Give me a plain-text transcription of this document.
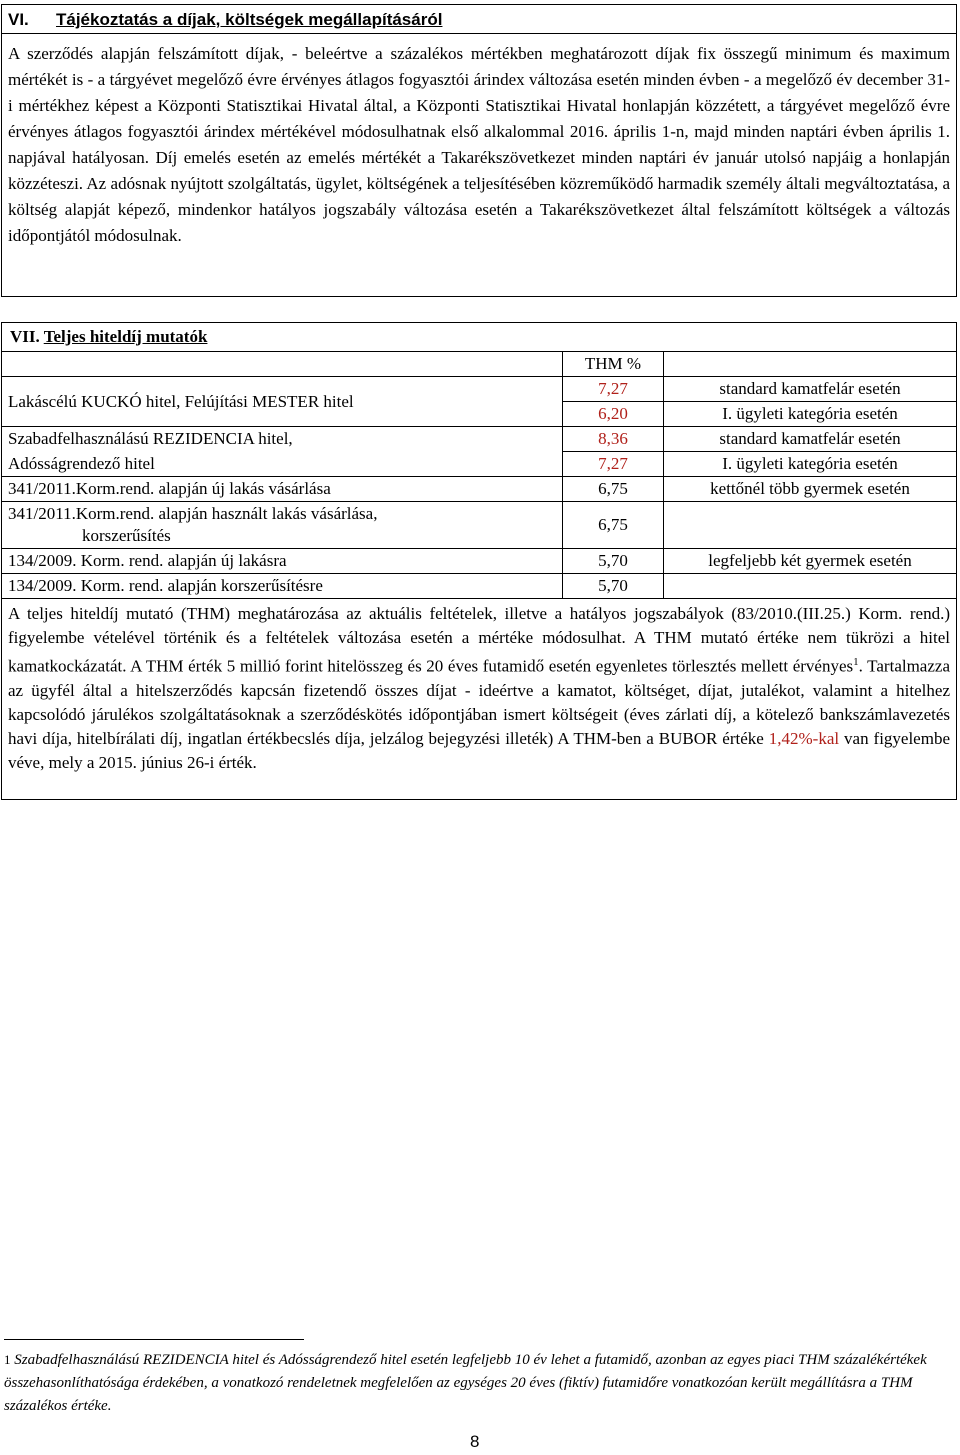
VI. Tájékoztatás a díjak, költségek megállapításáról

A szerződés alapján felszámított díjak, - beleértve a százalékos mértékben meghatározott díjak fix összegű minimum és maximum mértékét is - a tárgyévet megelőző évre érvényes átlagos fogyasztói árindex változása esetén minden évben - a megelőző év december 31-i mértékhez képest a Központi Statisztikai Hivatal által, a Központi Statisztikai Hivatal honlapján közzétett, a tárgyévet megelőző évre érvényes átlagos fogyasztói árindex mértékével módosulhatnak első alkalommal 2016. április 1-n, majd minden naptári évben április 1. napjával hatályosan. Díj emelés esetén az emelés mértékét a Takarékszövetkezet minden naptári év január utolsó napjáig a honlapján közzéteszi. Az adósnak nyújtott szolgáltatás, ügylet, költségének a teljesítésében közreműködő harmadik személy általi megváltoztatása, a költség alapját képező, mindenkor hatályos jogszabály változása esetén a Takarékszövetkezet által felszámított költségek a változás időpontjától módosulnak.

VII. Teljes hiteldíj mutatók
	THM %	
Lakáscélú KUCKÓ hitel, Felújítási MESTER hitel	7,27	standard kamatfelár esetén
	6,20	I. ügyleti kategória esetén
Szabadfelhasználású REZIDENCIA hitel,	8,36	standard kamatfelár esetén
Adósságrendező hitel	7,27	I. ügyleti kategória esetén
341/2011.Korm.rend. alapján új lakás vásárlása	6,75	kettőnél több gyermek esetén

341/2011.Korm.rend. alapján használt lakás vásárlása,
korszerűsítés	6,75	
134/2009. Korm. rend. alapján új lakásra	5,70	legfeljebb két gyermek esetén
134/2009. Korm. rend. alapján korszerűsítésre	5,70	

A teljes hiteldíj mutató (THM) meghatározása az aktuális feltételek, illetve a hatályos jogszabályok (83/2010.(III.25.) Korm. rend.) figyelembe vételével történik és a feltételek változása esetén a mértéke módosulhat. A THM mutató értéke nem tükrözi a hitel kamatkockázatát. A THM érték 5 millió forint hitelösszeg és 20 éves futamidő esetén egyenletes törlesztés mellett érvényes$^1$. Tartalmazza az ügyfél által a hitelszerződés kapcsán fizetendő összes díjat - ideértve a kamatot, költséget, díjat, jutalékot, valamint a hitelhez kapcsolódó járulékos szolgáltatásoknak a szerződéskötés időpontjában ismert költségeit (éves zárlati díj, a kötelező bankszámlavezetés havi díja, hitelbírálati díj, ingatlan értékbecslés díja, jelzálog bejegyzési illeték) A THM-ben a BUBOR értéke 1,42%-kal van figyelembe véve, mely a 2015. június 26-i érték.

1 Szabadfelhasználású REZIDENCIA hitel és Adósságrendező hitel esetén legfeljebb 10 év lehet a futamidő, azonban az egyes piaci THM százalékértékek összehasonlíthatósága érdekében, a vonatkozó rendeletnek megfelelően az egységes 20 éves (fiktív) futamidőre vonatkozóan került megállításra a THM százalékos értéke.
8
